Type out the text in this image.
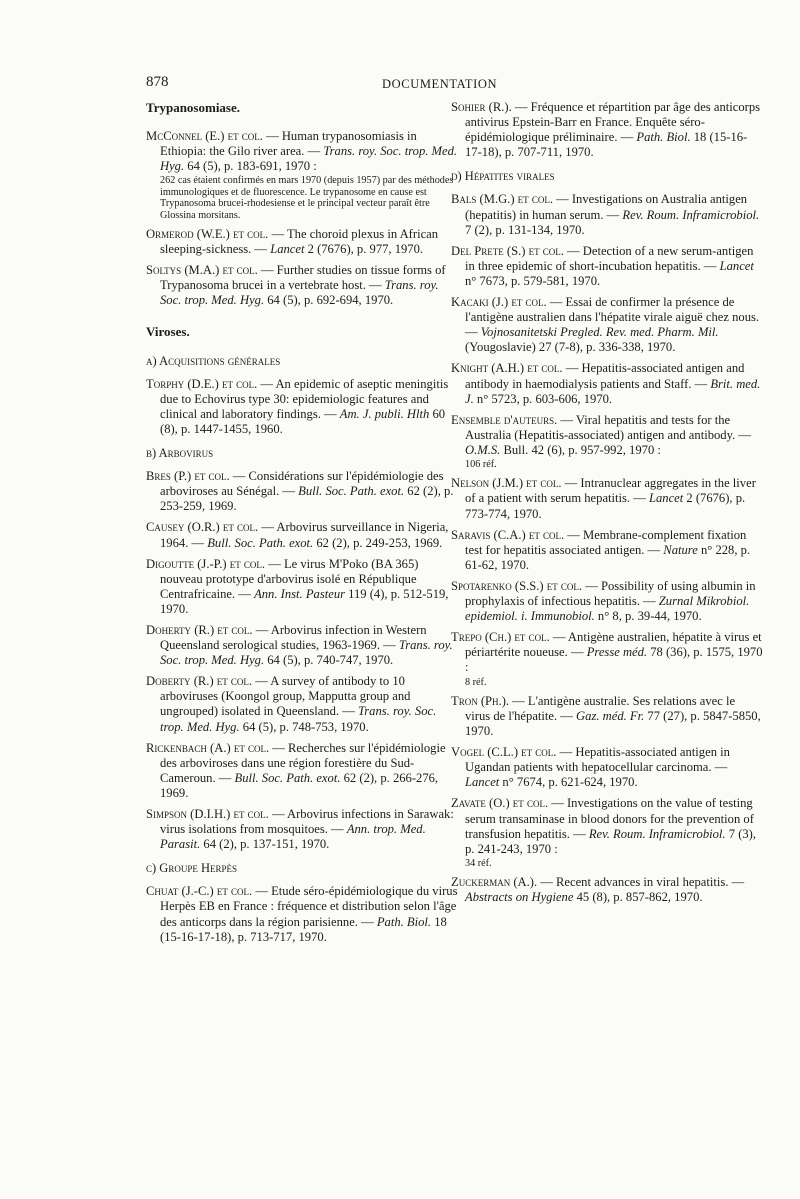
878	DOCUMENTATION
Trypanosomiase.
McConnel (E.) et col. — Human trypanosomiasis in Ethiopia: the Gilo river area. — Trans. roy. Soc. trop. Med. Hyg. 64 (5), p. 183-691, 1970 :
262 cas étaient confirmés en mars 1970 (depuis 1957) par des méthodes immunologiques et de fluorescence. Le trypanosome en cause est Trypanosoma brucei-rhodesiense et le principal vecteur paraît être Glossina morsitans.
Ormerod (W.E.) et col. — The choroid plexus in African sleeping-sickness. — Lancet 2 (7676), p. 977, 1970.
Soltys (M.A.) et col. — Further studies on tissue forms of Trypanosoma brucei in a vertebrate host. — Trans. roy. Soc. trop. Med. Hyg. 64 (5), p. 692-694, 1970.
Viroses.
a) Acquisitions générales
Torphy (D.E.) et col. — An epidemic of aseptic meningitis due to Echovirus type 30: epidemiologic features and clinical and laboratory findings. — Am. J. publi. Hlth 60 (8), p. 1447-1455, 1960.
b) Arbovirus
Bres (P.) et col. — Considérations sur l'épidémiologie des arboviroses au Sénégal. — Bull. Soc. Path. exot. 62 (2), p. 253-259, 1969.
Causey (O.R.) et col. — Arbovirus surveillance in Nigeria, 1964. — Bull. Soc. Path. exot. 62 (2), p. 249-253, 1969.
Digoutte (J.-P.) et col. — Le virus M'Poko (BA 365) nouveau prototype d'arbovirus isolé en République Centrafricaine. — Ann. Inst. Pasteur 119 (4), p. 512-519, 1970.
Doherty (R.) et col. — Arbovirus infection in Western Queensland serological studies, 1963-1969. — Trans. roy. Soc. trop. Med. Hyg. 64 (5), p. 740-747, 1970.
Doberty (R.) et col. — A survey of antibody to 10 arboviruses (Koongol group, Mapputta group and ungrouped) isolated in Queensland. — Trans. roy. Soc. trop. Med. Hyg. 64 (5), p. 748-753, 1970.
Rickenbach (A.) et col. — Recherches sur l'épidémiologie des arboviroses dans une région forestière du Sud-Cameroun. — Bull. Soc. Path. exot. 62 (2), p. 266-276, 1969.
Simpson (D.I.H.) et col. — Arbovirus infections in Sarawak: virus isolations from mosquitoes. — Ann. trop. Med. Parasit. 64 (2), p. 137-151, 1970.
c) Groupe Herpès
Chuat (J.-C.) et col. — Etude séro-épidémiologique du virus Herpès EB en France : fréquence et distribution selon l'âge des anticorps dans la région parisienne. — Path. Biol. 18 (15-16-17-18), p. 713-717, 1970.
Sohier (R.). — Fréquence et répartition par âge des anticorps antivirus Epstein-Barr en France. Enquête séro-épidémiologique préliminaire. — Path. Biol. 18 (15-16-17-18), p. 707-711, 1970.
d) Hépatites virales
Bals (M.G.) et col. — Investigations on Australia antigen (hepatitis) in human serum. — Rev. Roum. Inframicrobiol. 7 (2), p. 131-134, 1970.
Del Prete (S.) et col. — Detection of a new serum-antigen in three epidemic of short-incubation hepatitis. — Lancet n° 7673, p. 579-581, 1970.
Kacaki (J.) et col. — Essai de confirmer la présence de l'antigène australien dans l'hépatite virale aiguë chez nous. — Vojnosanitetski Pregled. Rev. med. Pharm. Mil. (Yougoslavie) 27 (7-8), p. 336-338, 1970.
Knight (A.H.) et col. — Hepatitis-associated antigen and antibody in haemodialysis patients and Staff. — Brit. med. J. n° 5723, p. 603-606, 1970.
Ensemble d'auteurs. — Viral hepatitis and tests for the Australia (Hepatitis-associated) antigen and antibody. — O.M.S. Bull. 42 (6), p. 957-992, 1970 :
106 réf.
Nelson (J.M.) et col. — Intranuclear aggregates in the liver of a patient with serum hepatitis. — Lancet 2 (7676), p. 773-774, 1970.
Saravis (C.A.) et col. — Membrane-complement fixation test for hepatitis associated antigen. — Nature n° 228, p. 61-62, 1970.
Spotarenko (S.S.) et col. — Possibility of using albumin in prophylaxis of infectious hepatitis. — Zurnal Mikrobiol. epidemiol. i. Immunobiol. n° 8, p. 39-44, 1970.
Trepo (Ch.) et col. — Antigène australien, hépatite à virus et périartérite noueuse. — Presse méd. 78 (36), p. 1575, 1970 :
8 réf.
Tron (Ph.). — L'antigène australie. Ses relations avec le virus de l'hépatite. — Gaz. méd. Fr. 77 (27), p. 5847-5850, 1970.
Vogel (C.L.) et col. — Hepatitis-associated antigen in Ugandan patients with hepatocellular carcinoma. — Lancet n° 7674, p. 621-624, 1970.
Zavate (O.) et col. — Investigations on the value of testing serum transaminase in blood donors for the prevention of transfusion hepatitis. — Rev. Roum. Inframicrobiol. 7 (3), p. 241-243, 1970 :
34 réf.
Zuckerman (A.). — Recent advances in viral hepatitis. — Abstracts on Hygiene 45 (8), p. 857-862, 1970.
